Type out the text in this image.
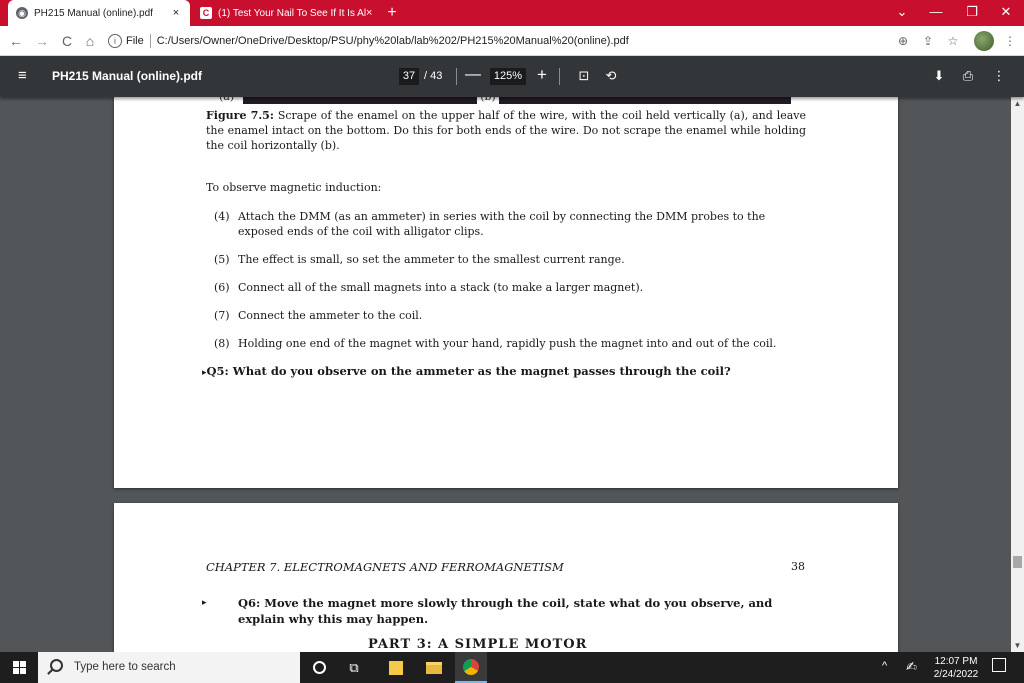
◉ PH215 Manual (online).pdf	×	C (1) Test Your Nail To See If It Is Al × +	⌄	—	❐	✕
← → C ⌂	i File C:/Users/Owner/OneDrive/Desktop/PSU/phy%20lab/lab%202/PH215%20Manual%20(online).pdf	⊕ ⇪ ☆	⋮
≡	PH215 Manual (online).pdf	37 / 43 —	125% + ⊡ ⟲	⬇ ⎙ ⋮
Figure 7.5: Scrape of the enamel on the upper half of the wire, with the coil held vertically (a), and leave the enamel intact on the bottom. Do this for both ends of the wire. Do not scrape the enamel while holding the coil horizontally (b).
To observe magnetic induction:
(4) Attach the DMM (as an ammeter) in series with the coil by connecting the DMM probes to the exposed ends of the coil with alligator clips.
(5) The effect is small, so set the ammeter to the smallest current range.
(6) Connect all of the small magnets into a stack (to make a larger magnet).
(7) Connect the ammeter to the coil.
(8) Holding one end of the magnet with your hand, rapidly push the magnet into and out of the coil.
▸Q5: What do you observe on the ammeter as the magnet passes through the coil?
CHAPTER 7. ELECTROMAGNETS AND FERROMAGNETISM	38
▸	Q6: Move the magnet more slowly through the coil, state what do you observe, and explain why this may happen.
PART 3: A SIMPLE MOTOR
▲
▼
Type here to search	⧉	^ ✍	12:07 PM
2/24/2022
